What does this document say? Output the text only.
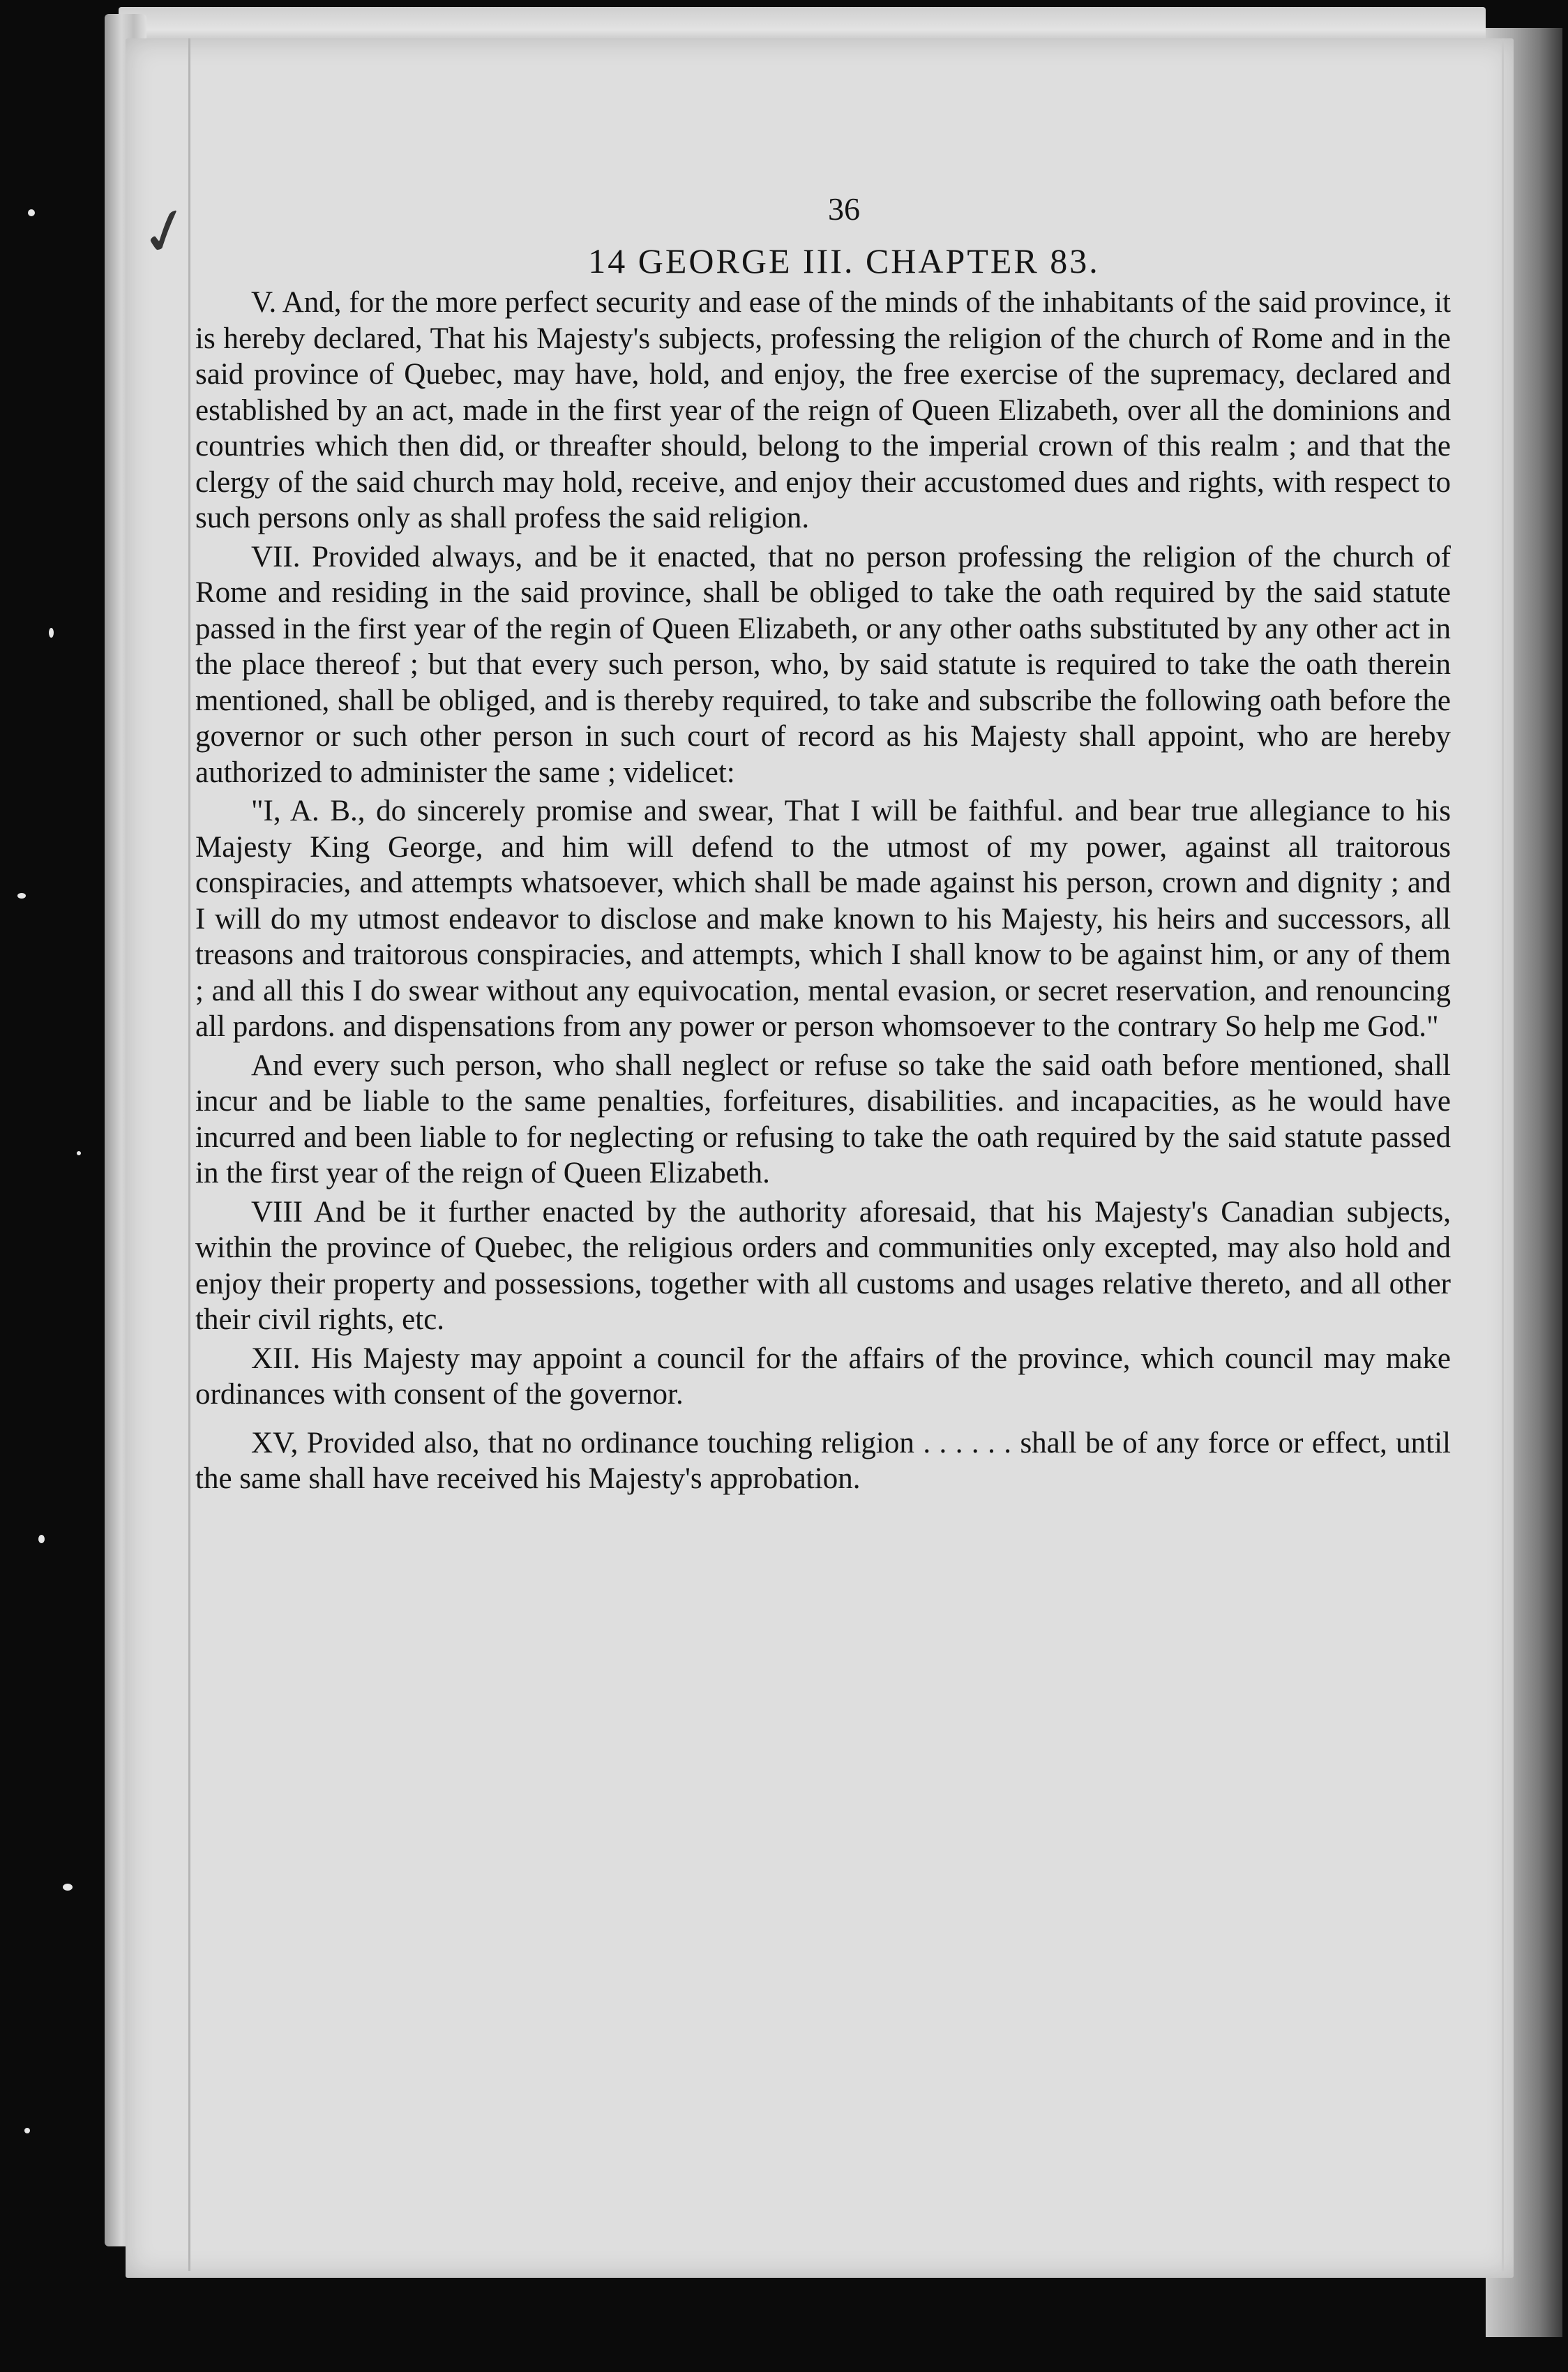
✓	36
14 GEORGE III. CHAPTER 83.

V. And, for the more perfect security and ease of the minds of the inhabitants of the said province, it is hereby declared, That his Majesty's subjects, professing the religion of the church of Rome and in the said province of Quebec, may have, hold, and enjoy, the free exercise of the supremacy, declared and established by an act, made in the first year of the reign of Queen Elizabeth, over all the dominions and countries which then did, or threafter should, belong to the imperial crown of this realm ; and that the clergy of the said church may hold, receive, and enjoy their accustomed dues and rights, with respect to such persons only as shall profess the said religion.

VII. Provided always, and be it enacted, that no person professing the religion of the church of Rome and residing in the said province, shall be obliged to take the oath required by the said statute passed in the first year of the regin of Queen Elizabeth, or any other oaths substituted by any other act in the place thereof ; but that every such person, who, by said statute is required to take the oath therein mentioned, shall be obliged, and is thereby required, to take and subscribe the following oath before the governor or such other person in such court of record as his Majesty shall appoint, who are hereby authorized to administer the same ; videlicet:

"I, A. B., do sincerely promise and swear, That I will be faithful. and bear true allegiance to his Majesty King George, and him will defend to the utmost of my power, against all traitorous conspiracies, and attempts whatsoever, which shall be made against his person, crown and dignity ; and I will do my utmost endeavor to disclose and make known to his Majesty, his heirs and successors, all treasons and traitorous conspiracies, and attempts, which I shall know to be against him, or any of them ; and all this I do swear without any equivocation, mental evasion, or secret reservation, and renouncing all pardons. and dispensations from any power or person whomsoever to the contrary So help me God."

And every such person, who shall neglect or refuse so take the said oath before mentioned, shall incur and be liable to the same penalties, forfeitures, disabilities. and incapacities, as he would have incurred and been liable to for neglecting or refusing to take the oath required by the said statute passed in the first year of the reign of Queen Elizabeth.

VIII And be it further enacted by the authority aforesaid, that his Majesty's Canadian subjects, within the province of Quebec, the religious orders and communities only excepted, may also hold and enjoy their property and possessions, together with all customs and usages relative thereto, and all other their civil rights, etc.

XII. His Majesty may appoint a council for the affairs of the province, which council may make ordinances with consent of the governor.

XV, Provided also, that no ordinance touching religion . . . . . . shall be of any force or effect, until the same shall have received his Majesty's approbation.
